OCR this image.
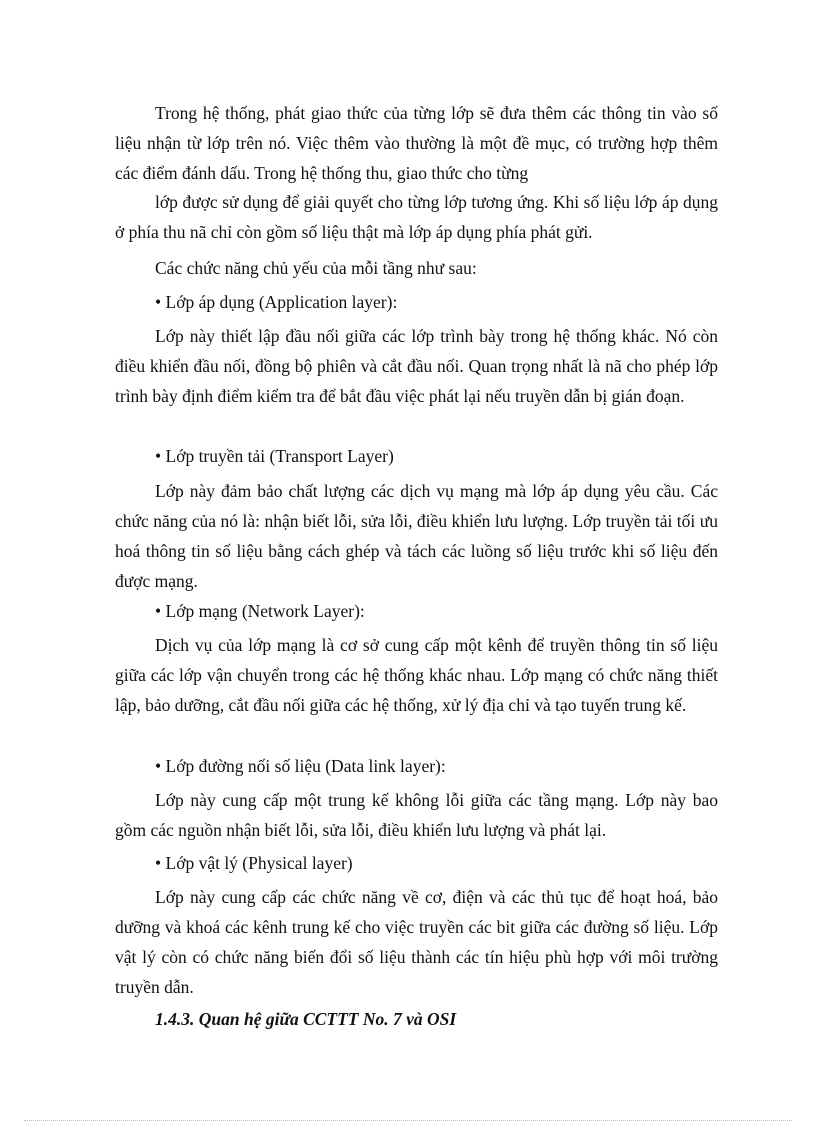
Trong hệ thống, phát giao thức của từng lớp sẽ đưa thêm các thông tin vào số liệu nhận từ lớp trên nó. Việc thêm vào thường là một đề mục, có trường hợp thêm các điểm đánh dấu. Trong hệ thống thu, giao thức cho từng

lớp được sử dụng để giải quyết cho từng lớp tương ứng. Khi số liệu lớp áp dụng ở phía thu nã chỉ còn gồm số liệu thật mà lớp áp dụng phía phát gửi.

Các chức năng chủ yếu của mỗi tầng như sau:

• Lớp áp dụng (Application layer):

Lớp này thiết lập đầu nối giữa các lớp trình bày trong hệ thống khác. Nó còn điều khiển đầu nối, đồng bộ phiên và cắt đầu nối. Quan trọng nhất là nã cho phép lớp trình bày định điểm kiểm tra để bắt đầu việc phát lại nếu truyền dẫn bị gián đoạn.

• Lớp truyền tải (Transport Layer)

Lớp này đảm bảo chất lượng các dịch vụ mạng mà lớp áp dụng yêu cầu. Các chức năng của nó là: nhận biết lỗi, sửa lỗi, điều khiển lưu lượng. Lớp truyền tải tối ưu hoá thông tin số liệu bằng cách ghép và tách các luồng số liệu trước khi số liệu đến được mạng.

• Lớp mạng (Network Layer):

Dịch vụ của lớp mạng là cơ sở cung cấp một kênh để truyền thông tin số liệu giữa các lớp vận chuyển trong các hệ thống khác nhau. Lớp mạng có chức năng thiết lập, bảo dưỡng, cắt đầu nối giữa các hệ thống, xử lý địa chỉ và tạo tuyến trung kế.

• Lớp đường nối số liệu (Data link layer):

Lớp này cung cấp một trung kế không lỗi giữa các tầng mạng. Lớp này bao gồm các nguồn nhận biết lỗi, sửa lỗi, điều khiển lưu lượng và phát lại.

• Lớp vật lý (Physical layer)

Lớp này cung cấp các chức năng về cơ, điện và các thủ tục để hoạt hoá, bảo dưỡng và khoá các kênh trung kế cho việc truyền các bit giữa các đường số liệu. Lớp vật lý còn có chức năng biến đổi số liệu thành các tín hiệu phù hợp với môi trường truyền dẫn.

1.4.3. Quan hệ giữa CCTTT No. 7 và OSI
